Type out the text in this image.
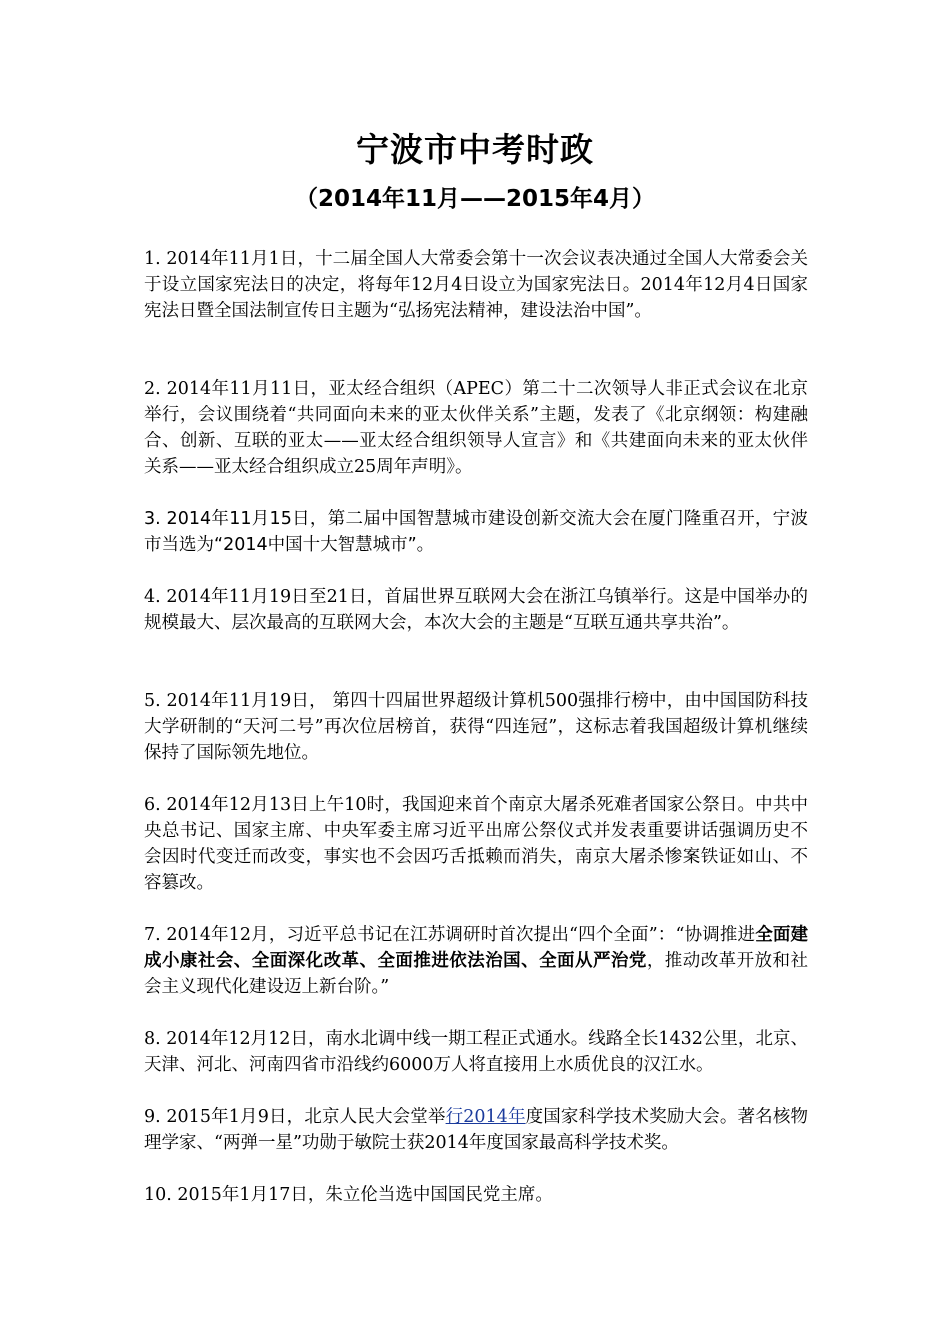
宁波市中考时政
（2014年11月——2015年4月）

1. 2014年11月1日，十二届全国人大常委会第十一次会议表决通过全国人大常委会关于设立国家宪法日的决定，将每年12月4日设立为国家宪法日。2014年12月4日国家宪法日暨全国法制宣传日主题为“弘扬宪法精神，建设法治中国”。

2. 2014年11月11日，亚太经合组织（APEC）第二十二次领导人非正式会议在北京举行，会议围绕着“共同面向未来的亚太伙伴关系”主题，发表了《北京纲领：构建融合、创新、互联的亚太——亚太经合组织领导人宣言》和《共建面向未来的亚太伙伴关系——亚太经合组织成立25周年声明》。

3. 2014年11月15日，第二届中国智慧城市建设创新交流大会在厦门隆重召开，宁波市当选为“2014中国十大智慧城市”。

4. 2014年11月19日至21日，首届世界互联网大会在浙江乌镇举行。这是中国举办的规模最大、层次最高的互联网大会，本次大会的主题是“互联互通共享共治”。

5. 2014年11月19日， 第四十四届世界超级计算机500强排行榜中，由中国国防科技大学研制的“天河二号”再次位居榜首，获得“四连冠”，这标志着我国超级计算机继续保持了国际领先地位。

6. 2014年12月13日上午10时，我国迎来首个南京大屠杀死难者国家公祭日。中共中央总书记、国家主席、中央军委主席习近平出席公祭仪式并发表重要讲话强调历史不会因时代变迁而改变，事实也不会因巧舌抵赖而消失，南京大屠杀惨案铁证如山、不容篡改。

7. 2014年12月，习近平总书记在江苏调研时首次提出“四个全面”：“协调推进全面建成小康社会、全面深化改革、全面推进依法治国、全面从严治党，推动改革开放和社会主义现代化建设迈上新台阶。”

8. 2014年12月12日，南水北调中线一期工程正式通水。线路全长1432公里，北京、天津、河北、河南四省市沿线约6000万人将直接用上水质优良的汉江水。

9. 2015年1月9日，北京人民大会堂举行2014年度国家科学技术奖励大会。著名核物理学家、“两弹一星”功勋于敏院士获2014年度国家最高科学技术奖。

10. 2015年1月17日，朱立伦当选中国国民党主席。
